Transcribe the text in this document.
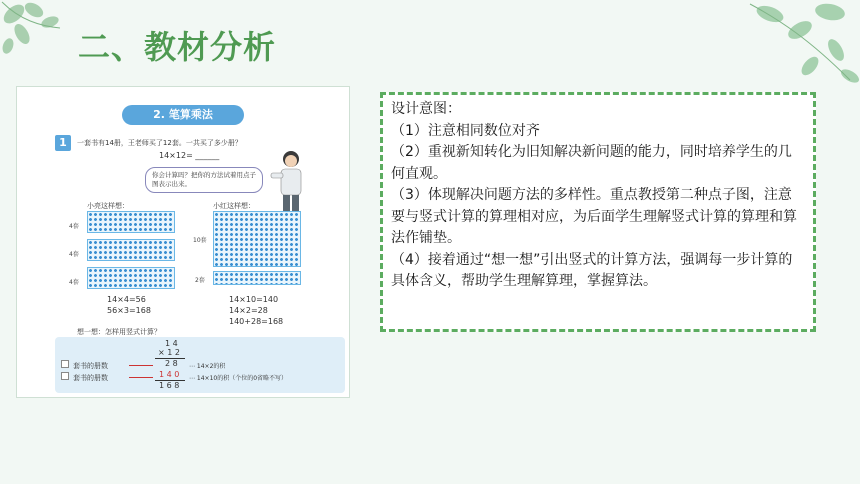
二、教材分析
2. 笔算乘法
1	一套书有14册，王老师买了12套。一共买了多少册？
14×12= ______
你会计算吗？把你的方法试着用点子图表示出来。
小亮这样想：	小红这样想：
4套
4套
4套
10套
2套
14×4=56
56×3=168
14×10=140
14×2=28
140+28=168
想一想：怎样用竖式计算？
1 4
× 1 2
2 8
1 4 0
1 6 8
套书的册数
套书的册数
⋯ 14×2的积
⋯ 14×10的积（个位的0省略不写）

设计意图：

（1）注意相同数位对齐

（2）重视新知转化为旧知解决新问题的能力，同时培养学生的几何直观。

（3）体现解决问题方法的多样性。重点教授第二种点子图，注意要与竖式计算的算理相对应，为后面学生理解竖式计算的算理和算法作铺垫。

（4）接着通过“想一想”引出竖式的计算方法，强调每一步计算的具体含义，帮助学生理解算理，掌握算法。
